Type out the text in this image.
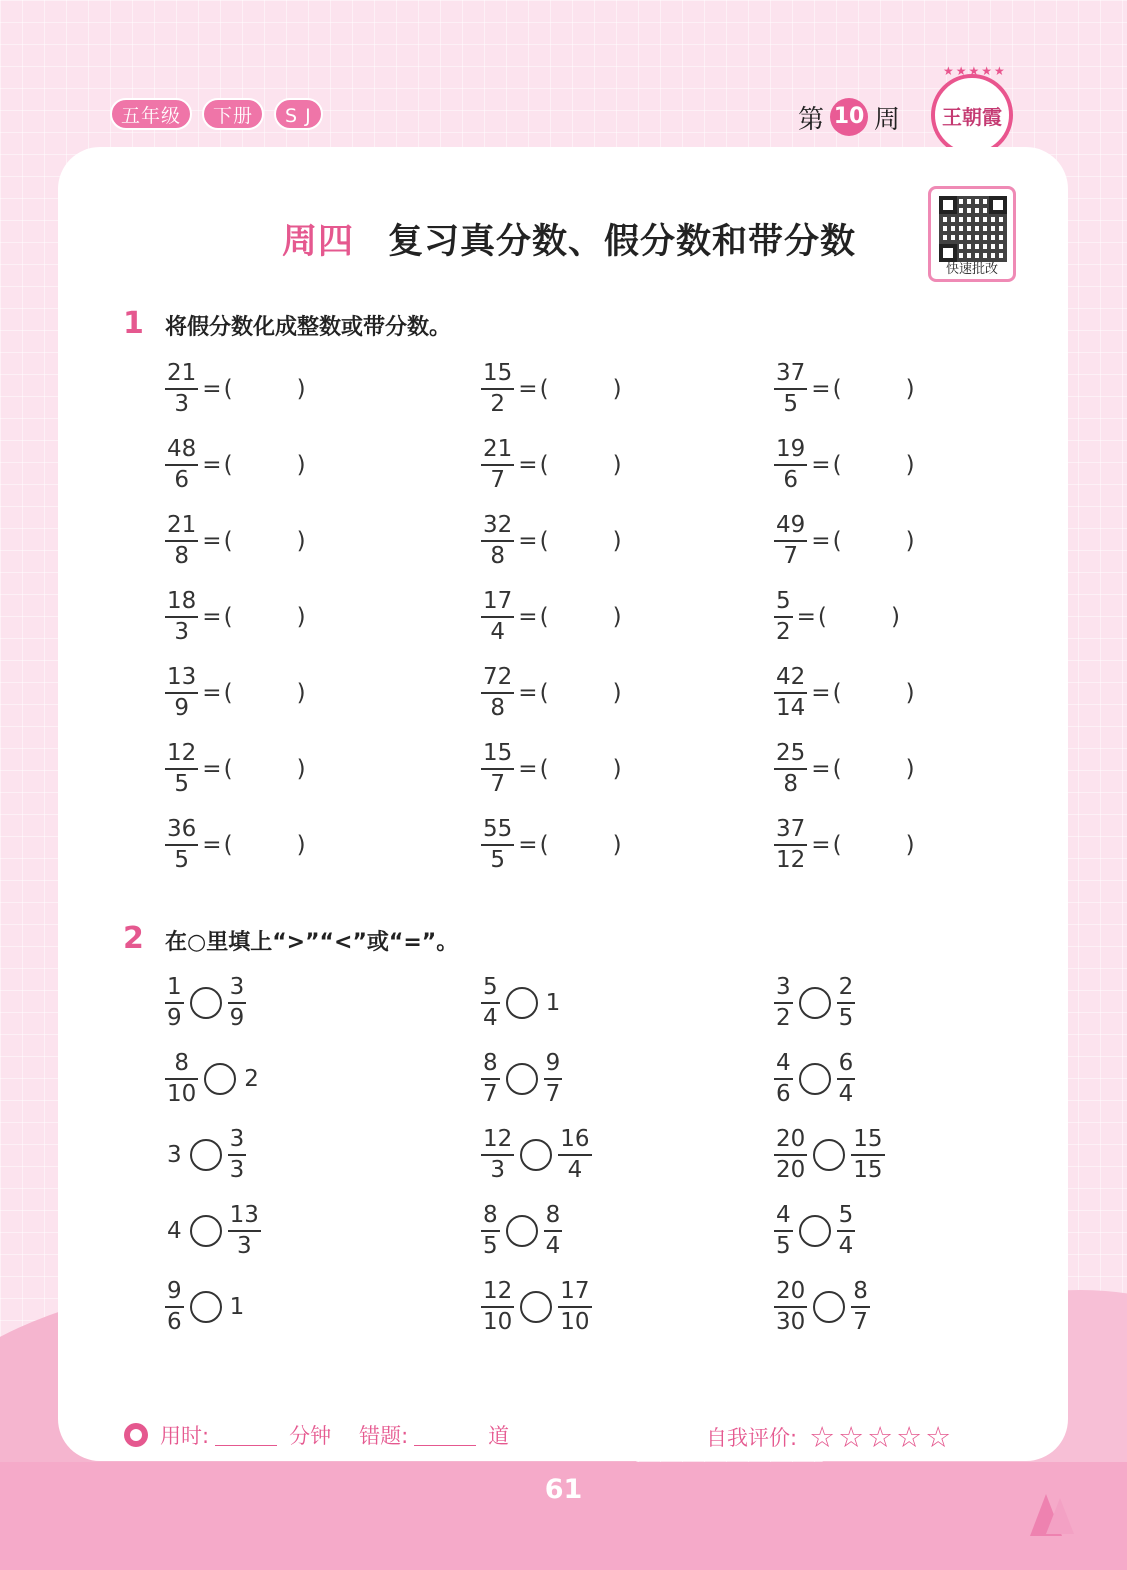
五年级	下册	S J	第 10 周
★★★★★
王朝霞
周四 复习真分数、假分数和带分数
快速批改
1 将假分数化成整数或带分数。
$\frac{21}{3}$ = (	)	$\frac{15}{2}$ = (	)	$\frac{37}{5}$ = (	)
$\frac{48}{6}$ = (	)	$\frac{21}{7}$ = (	)	$\frac{19}{6}$ = (	)
$\frac{21}{8}$ = (	)	$\frac{32}{8}$ = (	)	$\frac{49}{7}$ = (	)
$\frac{18}{3}$ = (	)	$\frac{17}{4}$ = (	)	$\frac{5}{2}$ = (	)
$\frac{13}{9}$ = (	)	$\frac{72}{8}$ = (	)	$\frac{42}{14}$ = (	)
$\frac{12}{5}$ = (	)	$\frac{15}{7}$ = (	)	$\frac{25}{8}$ = (	)
$\frac{36}{5}$ = (	)	$\frac{55}{5}$ = (	)	$\frac{37}{12}$ = (	)
2 在○里填上“>”“<”或“=”。
$\frac{1}{9} \frac{3}{9}$	$\frac{5}{4} 1$	$\frac{3}{2} \frac{2}{5}$
$\frac{8}{10} 2$	$\frac{8}{7} \frac{9}{7}$	$\frac{4}{6} \frac{6}{4}$
$3 \frac{3}{3}$	$\frac{12}{3} \frac{16}{4}$	$\frac{20}{20} \frac{15}{15}$
$4 \frac{13}{3}$	$\frac{8}{5} \frac{8}{4}$	$\frac{4}{5} \frac{5}{4}$
$\frac{9}{6} 1$	$\frac{12}{10} \frac{17}{10}$	$\frac{20}{30} \frac{8}{7}$
用时:	分钟 错题:	道	自我评价: ☆☆☆☆☆
61
